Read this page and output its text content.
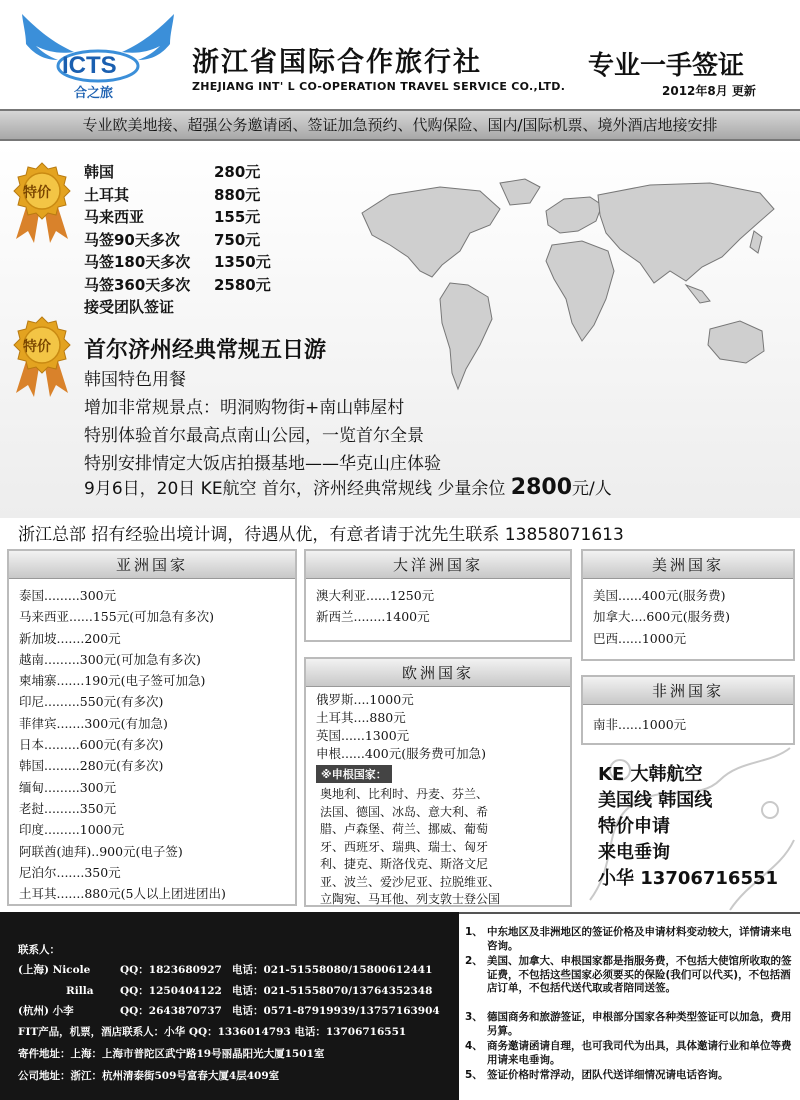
ICTS
合之旅
浙江省国际合作旅行社
ZHEJIANG INT' L CO-OPERATION TRAVEL SERVICE CO.,LTD.
专业一手签证
2012年8月 更新
专业欧美地接、超强公务邀请函、签证加急预约、代购保险、国内/国际机票、境外酒店地接安排
特价
特价
韩国	280元
土耳其	880元
马来西亚	155元
马签90天多次	750元
马签180天多次	1350元
马签360天多次	2580元
接受团队签证
首尔济州经典常规五日游
韩国特色用餐
增加非常规景点：明洞购物街+南山韩屋村
特别体验首尔最高点南山公园，一览首尔全景
特别安排情定大饭店拍摄基地——华克山庄体验
9月6日，20日 KE航空 首尔，济州经典常规线 少量余位 2800元/人
浙江总部 招有经验出境计调，待遇从优，有意者请于沈先生联系 13858071613
亚洲国家
泰国.........300元
马来西亚......155元(可加急有多次)
新加坡.......200元
越南.........300元(可加急有多次)
柬埔寨.......190元(电子签可加急)
印尼.........550元(有多次)
菲律宾.......300元(有加急)
日本.........600元(有多次)
韩国.........280元(有多次)
缅甸.........300元
老挝.........350元
印度.........1000元
阿联酋(迪拜)..900元(电子签)
尼泊尔.......350元
土耳其.......880元(5人以上团进团出)
大洋洲国家
澳大利亚......1250元
新西兰........1400元
欧洲国家
俄罗斯....1000元
土耳其....880元
英国......1300元
申根......400元(服务费可加急)
※申根国家：
奥地利、比利时、丹麦、芬兰、
法国、德国、冰岛、意大利、希
腊、卢森堡、荷兰、挪威、葡萄
牙、西班牙、瑞典、瑞士、匈牙
利、捷克、斯洛伐克、斯洛文尼
亚、波兰、爱沙尼亚、拉脱维亚、
立陶宛、马耳他、列支敦士登公国
美洲国家
美国......400元(服务费)
加拿大....600元(服务费)
巴西......1000元
非洲国家
南非......1000元
KE 大韩航空
美国线 韩国线
特价申请
来电垂询
小华 13706716551
联系人：
(上海) Nicole	QQ：1823680927 电话：021-51558080/15800612441
Rilla	QQ：1250404122 电话：021-51558070/13764352348
(杭州) 小李	QQ：2643870737 电话：0571-87919939/13757163904
FIT产品，机票，酒店联系人：小华 QQ：1336014793 电话：13706716551
寄件地址：上海：上海市普陀区武宁路19号丽晶阳光大厦1501室
公司地址：浙江：杭州清泰街509号富春大厦4层409室
1、 中东地区及非洲地区的签证价格及申请材料变动较大，详情请来电咨询。
2、 美国、加拿大、申根国家都是指服务费，不包括大使馆所收取的签证费，不包括这些国家必须要买的保险(我们可以代买)，不包括酒店订单，不包括代送代取或者陪同送签。
3、 德国商务和旅游签证，申根部分国家各种类型签证可以加急，费用另算。
4、 商务邀请函请自理，也可我司代为出具，具体邀请行业和单位等费用请来电垂询。
5、 签证价格时常浮动，团队代送详细情况请电话咨询。
